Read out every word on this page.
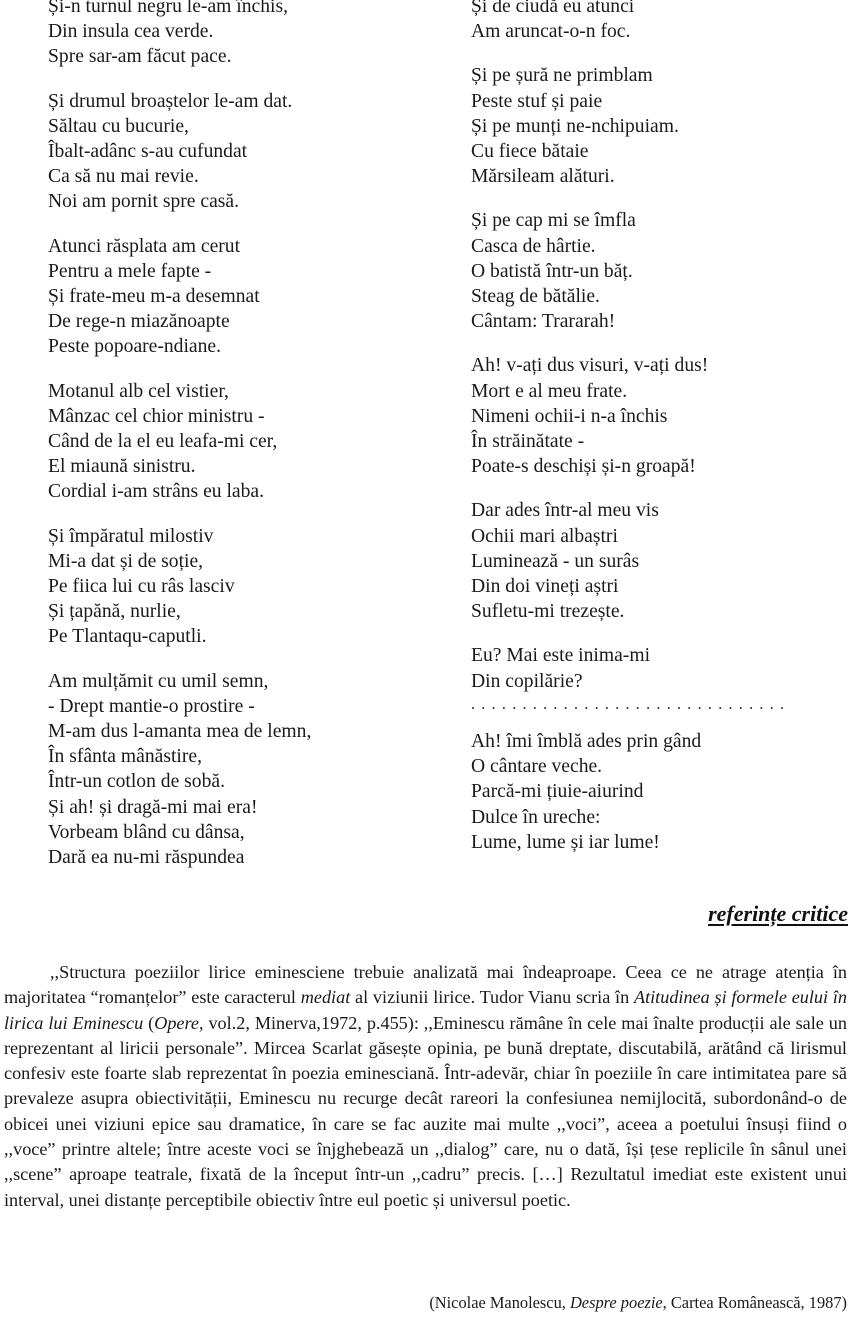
Și-n turnul negru le-am închis,
Din insula cea verde.
Spre sar-am făcut pace.
Și drumul broaștelor le-am dat.
Săltau cu bucurie,
Îbalt-adânc s-au cufundat
Ca să nu mai revie.
Noi am pornit spre casă.
Atunci răsplata am cerut
Pentru a mele fapte -
Și frate-meu m-a desemnat
De rege-n miazănoapte
Peste popoare-ndiane.
Motanul alb cel vistier,
Mânzac cel chior ministru -
Când de la el eu leafa-mi cer,
El miaună sinistru.
Cordial i-am strâns eu laba.
Și împăratul milostiv
Mi-a dat și de soție,
Pe fiica lui cu râs lasciv
Și țapănă, nurlie,
Pe Tlantaqu-caputli.
Am mulțămit cu umil semn,
- Drept mantie-o prostire -
M-am dus l-amanta mea de lemn,
În sfânta mânăstire,
Într-un cotlon de sobă.
Și ah! și dragă-mi mai era!
Vorbeam blând cu dânsa,
Dară ea nu-mi răspundea
Și de ciudă eu atunci
Am aruncat-o-n foc.
Și pe șură ne primblam
Peste stuf și paie
Și pe munți ne-nchipuiam.
Cu fiece bătaie
Mărsileam alături.
Și pe cap mi se îmfla
Casca de hârtie.
O batistă într-un băț.
Steag de bătălie.
Cântam: Trararah!
Ah! v-ați dus visuri, v-ați dus!
Mort e al meu frate.
Nimeni ochii-i n-a închis
În străinătate -
Poate-s deschiși și-n groapă!
Dar ades într-al meu vis
Ochii mari albaștri
Luminează - un surâs
Din doi vineți aștri
Sufletu-mi trezește.
Eu? Mai este inima-mi
Din copilărie?
...............................
Ah! îmi îmblă ades prin gând
O cântare veche.
Parcă-mi țiuie-aiurind
Dulce în ureche:
Lume, lume și iar lume!
referințe critice

,,Structura poeziilor lirice eminesciene trebuie analizată mai îndeaproape. Ceea ce ne atrage atenția în majoritatea “romanțelor” este caracterul mediat al viziunii lirice. Tudor Vianu scria în Atitudinea și formele eului în lirica lui Eminescu (Opere, vol.2, Minerva,1972, p.455): ,,Eminescu rămâne în cele mai înalte producții ale sale un reprezentant al liricii personale”. Mircea Scarlat găsește opinia, pe bună dreptate, discutabilă, arătând că lirismul confesiv este foarte slab reprezentat în poezia eminesciană. Într-adevăr, chiar în poeziile în care intimitatea pare să prevaleze asupra obiectivității, Eminescu nu recurge decât rareori la confesiunea nemijlocită, subordonând-o de obicei unei viziuni epice sau dramatice, în care se fac auzite mai multe ,,voci”, aceea a poetului însuși fiind o ,,voce” printre altele; între aceste voci se înjghebează un ,,dialog” care, nu o dată, își țese replicile în sânul unei ,,scene” aproape teatrale, fixată de la început într-un ,,cadru” precis. […] Rezultatul imediat este existent unui interval, unei distanțe perceptibile obiectiv între eul poetic și universul poetic.

(Nicolae Manolescu, Despre poezie, Cartea Românească, 1987)
